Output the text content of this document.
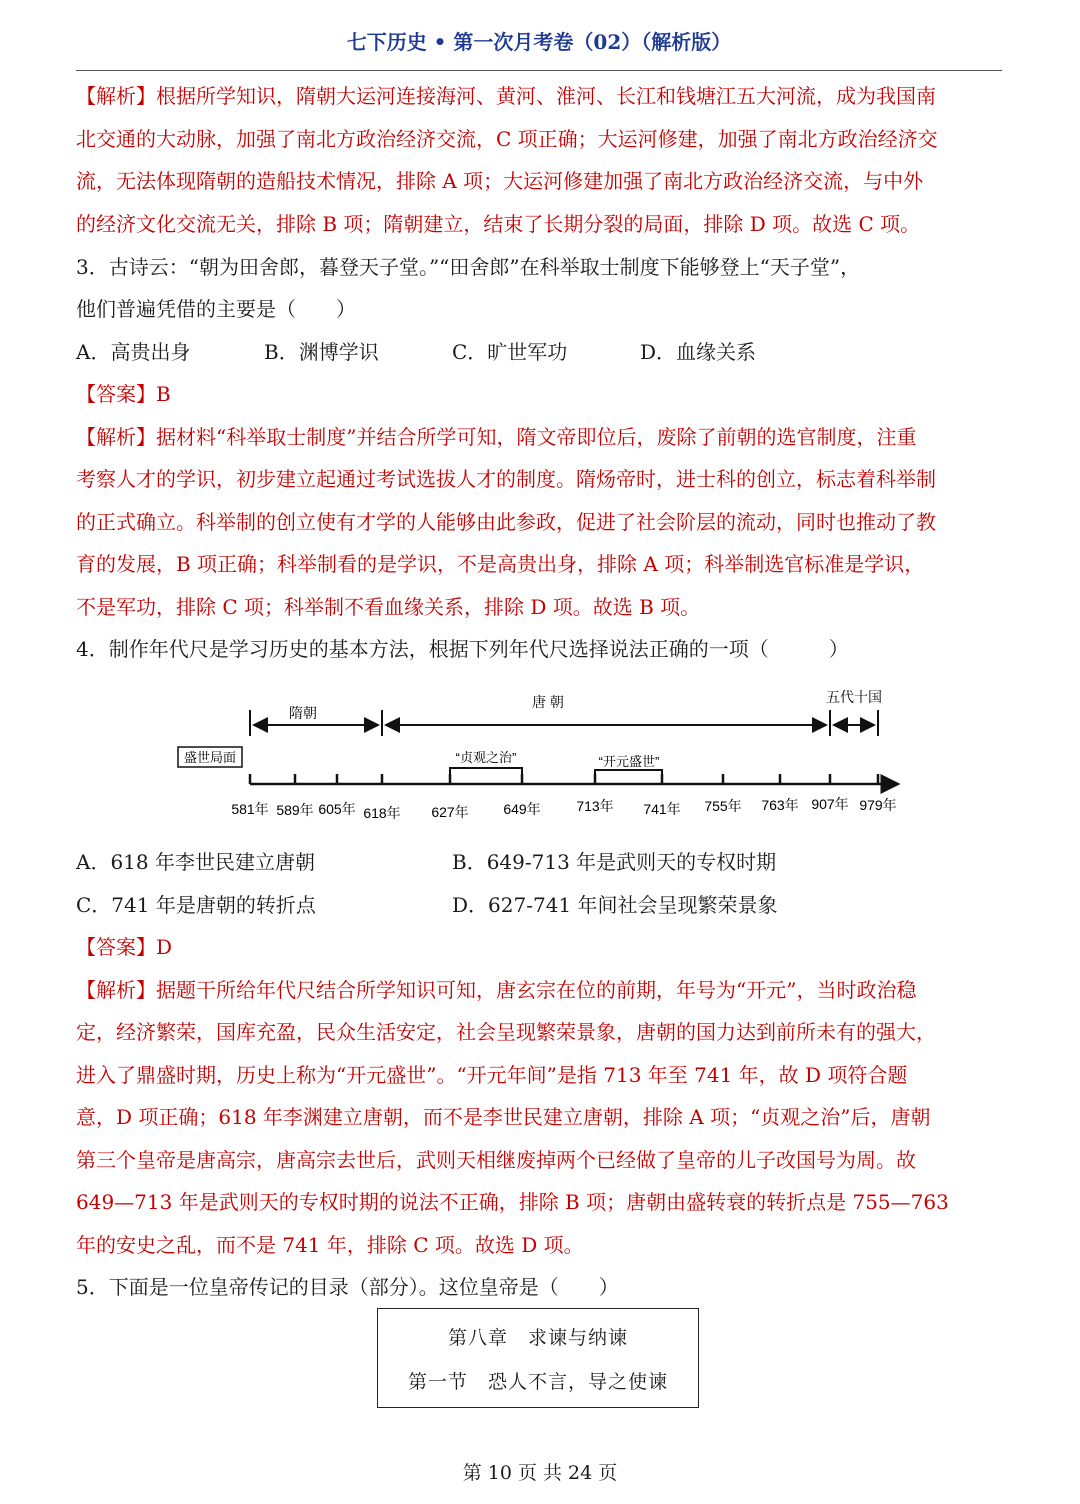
七下历史 • 第一次月考卷（02）（解析版）
【解析】根据所学知识，隋朝大运河连接海河、黄河、淮河、长江和钱塘江五大河流，成为我国南
北交通的大动脉，加强了南北方政治经济交流，C 项正确；大运河修建，加强了南北方政治经济交
流，无法体现隋朝的造船技术情况，排除 A 项；大运河修建加强了南北方政治经济交流，与中外
的经济文化交流无关，排除 B 项；隋朝建立，结束了长期分裂的局面，排除 D 项。故选 C 项。
3．古诗云：“朝为田舍郎，暮登天子堂。”“田舍郎”在科举取士制度下能够登上“天子堂”，
他们普遍凭借的主要是（　　）
A．高贵出身	B．渊博学识	C．旷世军功	D．血缘关系
【答案】B
【解析】据材料“科举取士制度”并结合所学可知，隋文帝即位后，废除了前朝的选官制度，注重
考察人才的学识，初步建立起通过考试选拔人才的制度。隋炀帝时，进士科的创立，标志着科举制
的正式确立。科举制的创立使有才学的人能够由此参政，促进了社会阶层的流动，同时也推动了教
育的发展，B 项正确；科举制看的是学识，不是高贵出身，排除 A 项；科举制选官标准是学识，
不是军功，排除 C 项；科举制不看血缘关系，排除 D 项。故选 B 项。
4．制作年代尺是学习历史的基本方法，根据下列年代尺选择说法正确的一项（　　　）
隋朝
唐 朝	五代十国
盛世局面	“贞观之治”	“开元盛世”
581年 589年 605年 618年 627年 649年	713年 741年 755年 763年 907年 979年
A．618 年李世民建立唐朝	B．649-713 年是武则天的专权时期
C．741 年是唐朝的转折点	D．627-741 年间社会呈现繁荣景象
【答案】D
【解析】据题干所给年代尺结合所学知识可知，唐玄宗在位的前期，年号为“开元”，当时政治稳
定，经济繁荣，国库充盈，民众生活安定，社会呈现繁荣景象，唐朝的国力达到前所未有的强大，
进入了鼎盛时期，历史上称为“开元盛世”。“开元年间”是指 713 年至 741 年，故 D 项符合题
意，D 项正确；618 年李渊建立唐朝，而不是李世民建立唐朝，排除 A 项；“贞观之治”后，唐朝
第三个皇帝是唐高宗，唐高宗去世后，武则天相继废掉两个已经做了皇帝的儿子改国号为周。故
649—713 年是武则天的专权时期的说法不正确，排除 B 项；唐朝由盛转衰的转折点是 755—763
年的安史之乱，而不是 741 年，排除 C 项。故选 D 项。
5．下面是一位皇帝传记的目录（部分）。这位皇帝是（　　）
第八章　求谏与纳谏
第一节　恐人不言，导之使谏
第 10 页 共 24 页
